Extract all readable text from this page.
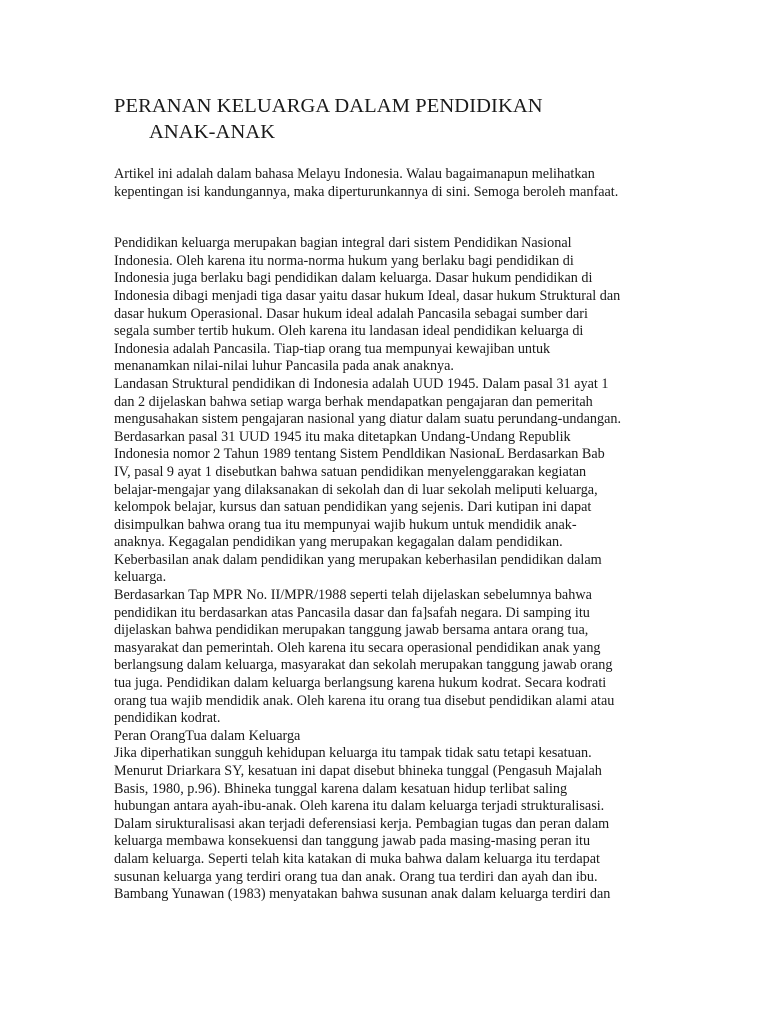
PERANAN KELUARGA DALAM PENDIDIKAN
ANAK-ANAK
Artikel ini adalah dalam bahasa Melayu Indonesia. Walau bagaimanapun melihatkan
kepentingan isi kandungannya, maka diperturunkannya di sini. Semoga beroleh manfaat.
Pendidikan keluarga merupakan bagian integral dari sistem Pendidikan Nasional
Indonesia. Oleh karena itu norma-norma hukum yang berlaku bagi pendidikan di
Indonesia juga berlaku bagi pendidikan dalam keluarga. Dasar hukum pendidikan di
Indonesia dibagi menjadi tiga dasar yaitu dasar hukum Ideal, dasar hukum Struktural dan
dasar hukum Operasional. Dasar hukum ideal adalah Pancasila sebagai sumber dari
segala sumber tertib hukum. Oleh karena itu landasan ideal pendidikan keluarga di
Indonesia adalah Pancasila. Tiap-tiap orang tua mempunyai kewajiban untuk
menanamkan nilai-nilai luhur Pancasila pada anak anaknya.
Landasan Struktural pendidikan di Indonesia adalah UUD 1945. Dalam pasal 31 ayat 1
dan 2 dijelaskan bahwa setiap warga berhak mendapatkan pengajaran dan pemeritah
mengusahakan sistem pengajaran nasional yang diatur dalam suatu perundang-undangan.
Berdasarkan pasal 31 UUD 1945 itu maka ditetapkan Undang-Undang Republik
Indonesia nomor 2 Tahun 1989 tentang Sistem Pendldikan NasionaL Berdasarkan Bab
IV, pasal 9 ayat 1 disebutkan bahwa satuan pendidikan menyelenggarakan kegiatan
belajar-mengajar yang dilaksanakan di sekolah dan di luar sekolah meliputi keluarga,
kelompok belajar, kursus dan satuan pendidikan yang sejenis. Dari kutipan ini dapat
disimpulkan bahwa orang tua itu mempunyai wajib hukum untuk mendidik anak-
anaknya. Kegagalan pendidikan yang merupakan kegagalan dalam pendidikan.
Keberbasilan anak dalam pendidikan yang merupakan keberhasilan pendidikan dalam
keluarga.
Berdasarkan Tap MPR No. II/MPR/1988 seperti telah dijelaskan sebelumnya bahwa
pendidikan itu berdasarkan atas Pancasila dasar dan fa]safah negara. Di samping itu
dijelaskan bahwa pendidikan merupakan tanggung jawab bersama antara orang tua,
masyarakat dan pemerintah. Oleh karena itu secara operasional pendidikan anak yang
berlangsung dalam keluarga, masyarakat dan sekolah merupakan tanggung jawab orang
tua juga. Pendidikan dalam keluarga berlangsung karena hukum kodrat. Secara kodrati
orang tua wajib mendidik anak. Oleh karena itu orang tua disebut pendidikan alami atau
pendidikan kodrat.
Peran OrangTua dalam Keluarga
Jika diperhatikan sungguh kehidupan keluarga itu tampak tidak satu tetapi kesatuan.
Menurut Driarkara SY, kesatuan ini dapat disebut bhineka tunggal (Pengasuh Majalah
Basis, 1980, p.96). Bhineka tunggal karena dalam kesatuan hidup terlibat saling
hubungan antara ayah-ibu-anak. Oleh karena itu dalam keluarga terjadi strukturalisasi.
Dalam sirukturalisasi akan terjadi deferensiasi kerja. Pembagian tugas dan peran dalam
keluarga membawa konsekuensi dan tanggung jawab pada masing-masing peran itu
dalam keluarga. Seperti telah kita katakan di muka bahwa dalam keluarga itu terdapat
susunan keluarga yang terdiri orang tua dan anak. Orang tua terdiri dan ayah dan ibu.
Bambang Yunawan (1983) menyatakan bahwa susunan anak dalam keluarga terdiri dan
